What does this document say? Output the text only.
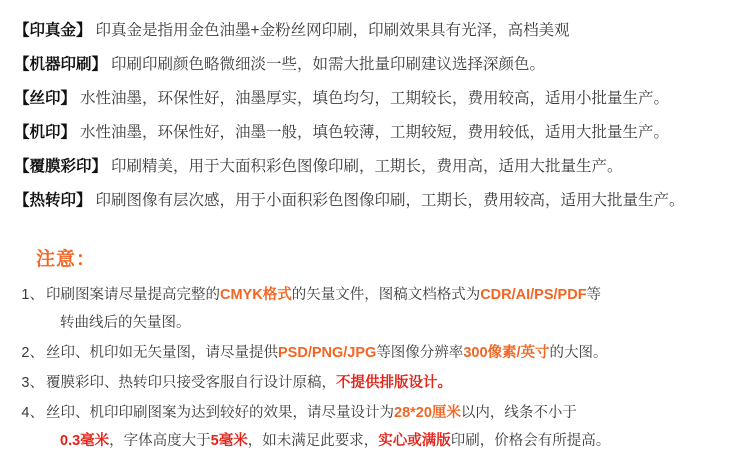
【印真金】 印真金是指用金色油墨+金粉丝网印刷，印刷效果具有光泽，高档美观
【机器印刷】 印刷印刷颜色略微细淡一些，如需大批量印刷建议选择深颜色。
【丝印】 水性油墨，环保性好，油墨厚实，填色均匀，工期较长，费用较高，适用小批量生产。
【机印】 水性油墨，环保性好，油墨一般，填色较薄，工期较短，费用较低，适用大批量生产。
【覆膜彩印】 印刷精美，用于大面积彩色图像印刷，工期长，费用高，适用大批量生产。
【热转印】 印刷图像有层次感，用于小面积彩色图像印刷，工期长，费用较高，适用大批量生产。
注意：
1、 印刷图案请尽量提高完整的CMYK格式的矢量文件，图稿文档格式为CDR/AI/PS/PDF等
转曲线后的矢量图。
2、 丝印、机印如无矢量图，请尽量提供PSD/PNG/JPG等图像分辨率300像素/英寸的大图。
3、 覆膜彩印、热转印只接受客服自行设计原稿，不提供排版设计。
4、 丝印、机印印刷图案为达到较好的效果，请尽量设计为28*20厘米以内，线条不小于
0.3毫米，字体高度大于5毫米，如未满足此要求，实心或满版印刷，价格会有所提高。
